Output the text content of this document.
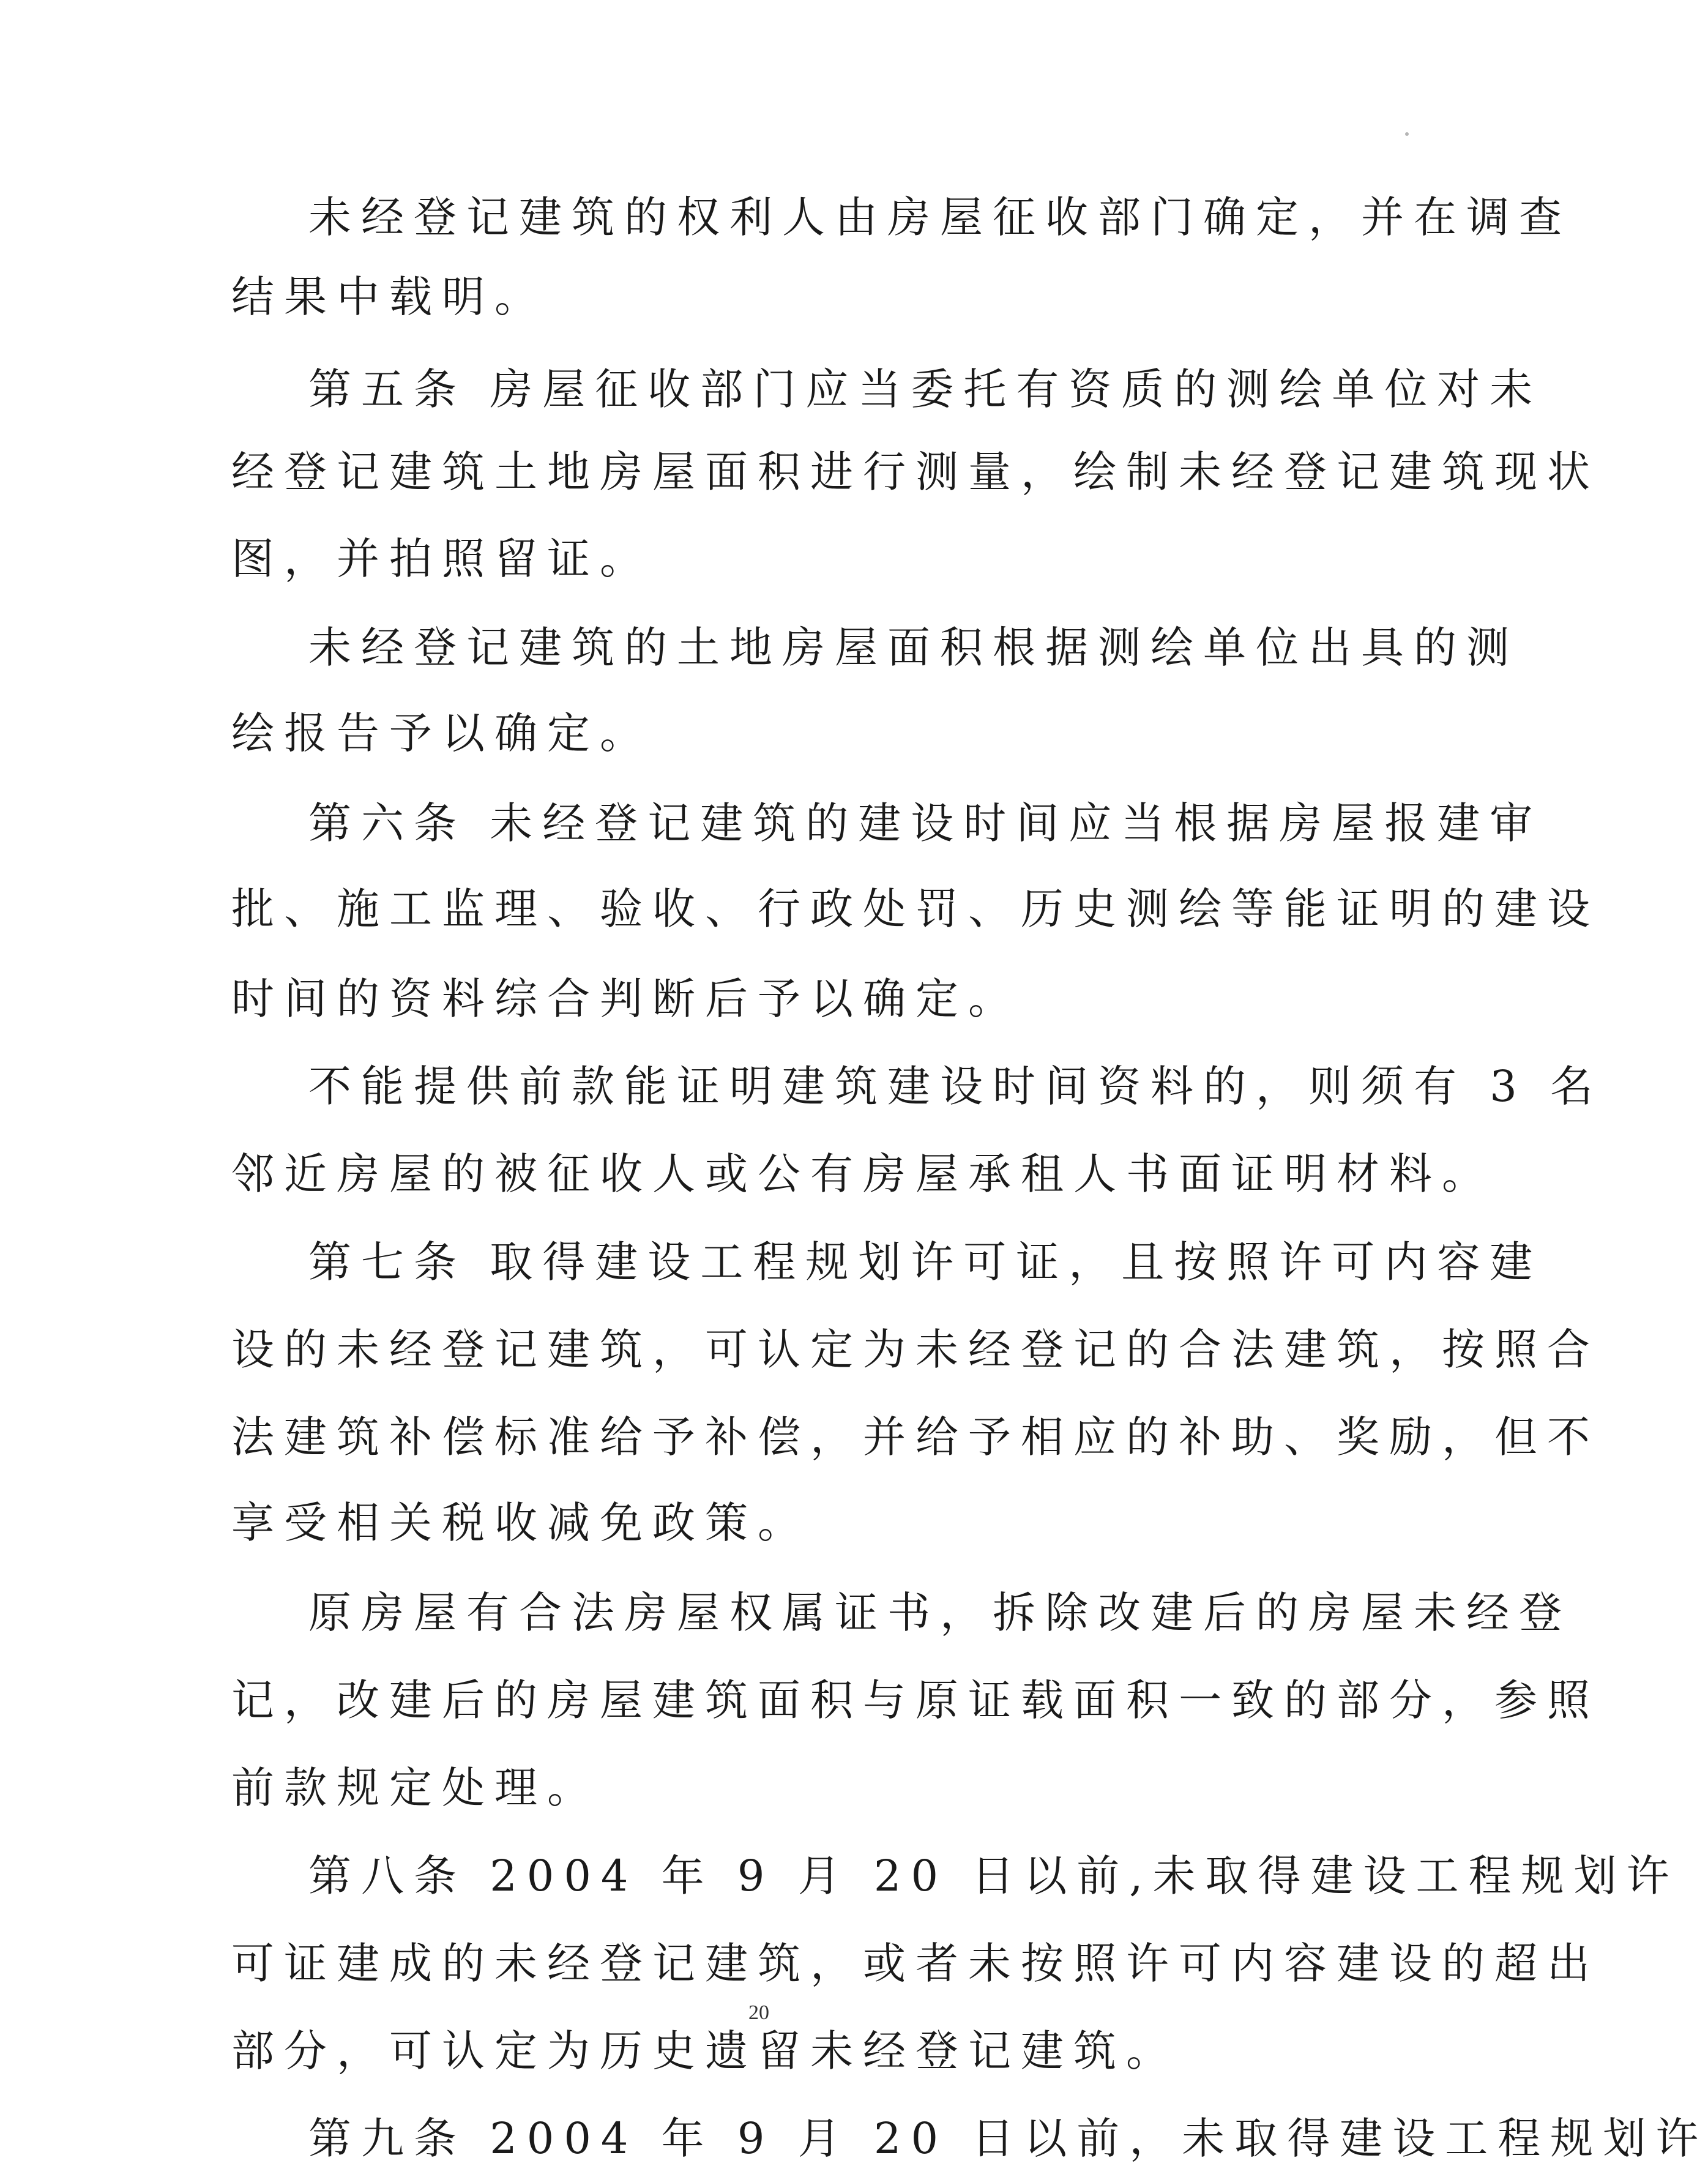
未经登记建筑的权利人由房屋征收部门确定，并在调查
结果中载明。
第五条 房屋征收部门应当委托有资质的测绘单位对未
经登记建筑土地房屋面积进行测量，绘制未经登记建筑现状
图，并拍照留证。
未经登记建筑的土地房屋面积根据测绘单位出具的测
绘报告予以确定。
第六条 未经登记建筑的建设时间应当根据房屋报建审
批、施工监理、验收、行政处罚、历史测绘等能证明的建设
时间的资料综合判断后予以确定。
不能提供前款能证明建筑建设时间资料的，则须有 3 名
邻近房屋的被征收人或公有房屋承租人书面证明材料。
第七条 取得建设工程规划许可证，且按照许可内容建
设的未经登记建筑，可认定为未经登记的合法建筑，按照合
法建筑补偿标准给予补偿，并给予相应的补助、奖励，但不
享受相关税收减免政策。
原房屋有合法房屋权属证书，拆除改建后的房屋未经登
记，改建后的房屋建筑面积与原证载面积一致的部分，参照
前款规定处理。
第八条 2004 年 9 月 20 日以前,未取得建设工程规划许
可证建成的未经登记建筑，或者未按照许可内容建设的超出
部分，可认定为历史遗留未经登记建筑。
第九条 2004 年 9 月 20 日以前，未取得建设工程规划许
20
